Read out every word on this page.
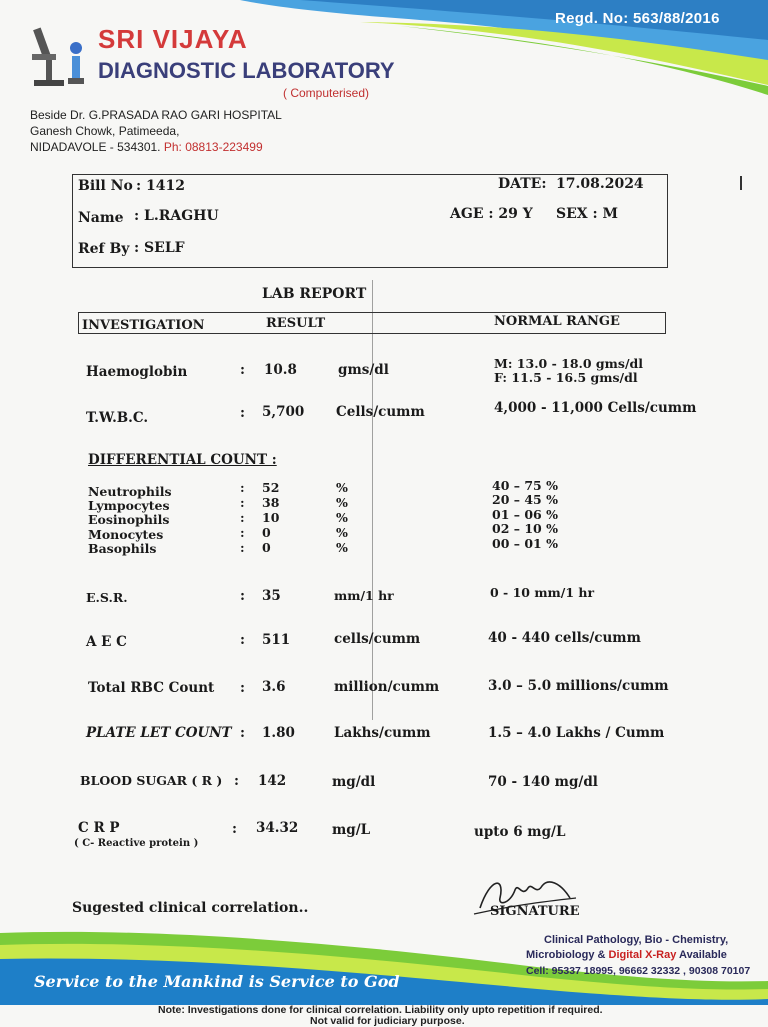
Regd. No: 563/88/2016
SRI VIJAYA
DIAGNOSTIC LABORATORY
( Computerised)
Beside Dr. G.PRASADA RAO GARI HOSPITAL
Ganesh Chowk, Patimeeda,
NIDADAVOLE - 534301. Ph: 08813-223499
Bill No : 1412	DATE: 17.08.2024
Name : L.RAGHU	AGE : 29 Y SEX : M
Ref By : SELF
LAB REPORT
INVESTIGATION	RESULT	NORMAL RANGE
Haemoglobin	: 10.8	gms/dl	M: 13.0 - 18.0 gms/dl
F: 11.5 - 16.5 gms/dl
T.W.B.C.	: 5,700 Cells/cumm	4,000 - 11,000 Cells/cumm
DIFFERENTIAL COUNT :
Neutrophils	: 52	%	40 – 75 %
Lympocytes	: 38	%	20 – 45 %
Eosinophils	: 10	%	01 – 06 %
Monocytes	: 0	%	02 – 10 %
Basophils	: 0	%	00 – 01 %
E.S.R.	: 35	mm/1 hr	0 - 10 mm/1 hr
A E C	: 511	cells/cumm	40 - 440 cells/cumm
Total RBC Count : 3.6	million/cumm	3.0 – 5.0 millions/cumm
PLATE LET COUNT : 1.80	Lakhs/cumm	1.5 – 4.0 Lakhs / Cumm
BLOOD SUGAR ( R ) : 142	mg/dl	70 - 140 mg/dl
C R P
( C- Reactive protein )
: 34.32 mg/L	upto 6 mg/L
Sugested clinical correlation..	SIGNATURE
Service to the Mankind is Service to God
Clinical Pathology, Bio - Chemistry,
Microbiology & Digital X-Ray Available
Cell: 95337 18995, 96662 32332 , 90308 70107
Note: Investigations done for clinical correlation. Liability only upto repetition if required.
Not valid for judiciary purpose.
